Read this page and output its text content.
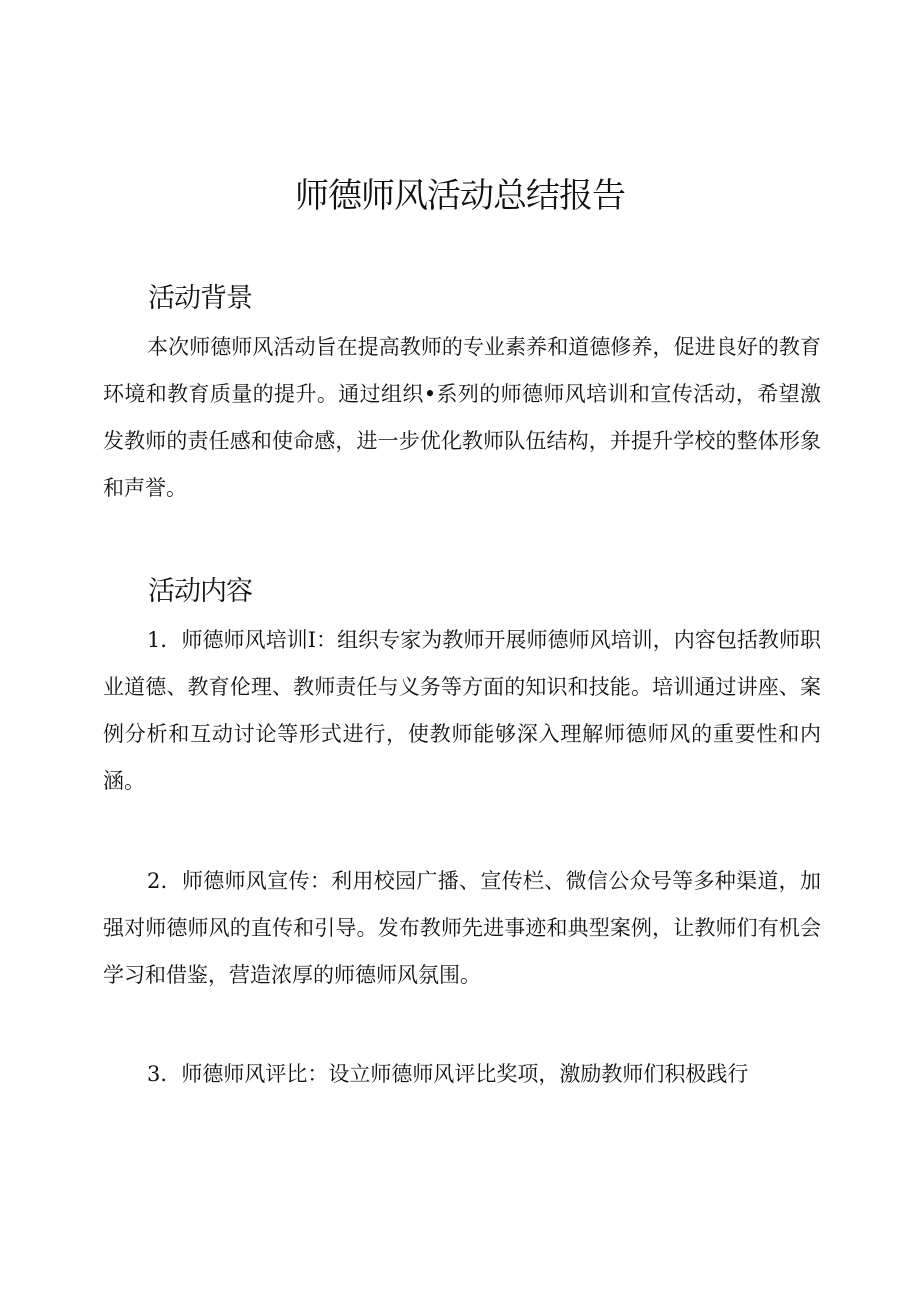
师德师风活动总结报告
活动背景

本次师德师风活动旨在提高教师的专业素养和道德修养，促进良好的教育环境和教育质量的提升。通过组织•系列的师德师风培训和宣传活动，希望激发教师的责任感和使命感，进一步优化教师队伍结构，并提升学校的整体形象和声誉。

活动内容

1．师德师风培训I：组织专家为教师开展师德师风培训，内容包括教师职业道德、教育伦理、教师责任与义务等方面的知识和技能。培训通过讲座、案例分析和互动讨论等形式进行，使教师能够深入理解师德师风的重要性和内涵。

2．师德师风宣传：利用校园广播、宣传栏、微信公众号等多种渠道，加强对师德师风的直传和引导。发布教师先进事迹和典型案例，让教师们有机会学习和借鉴，营造浓厚的师德师风氛围。

3．师德师风评比：设立师德师风评比奖项，激励教师们积极践行
